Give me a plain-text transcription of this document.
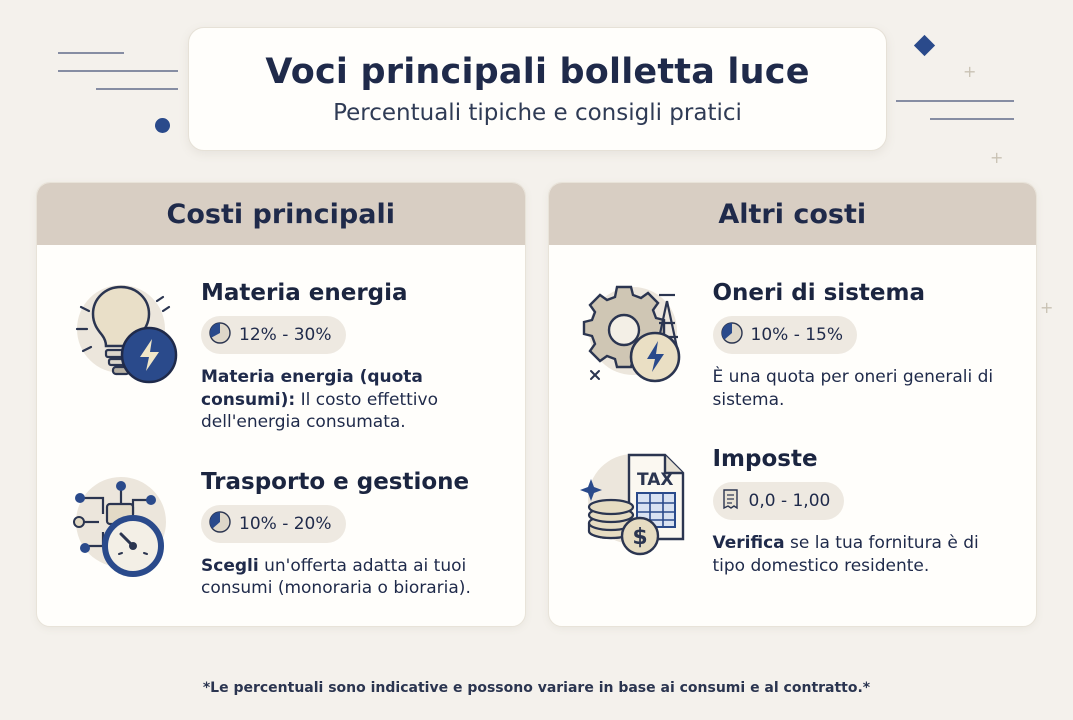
+
+
+
Voci principali bolletta luce

Percentuali tipiche e consigli pratici

Costi principali
Materia energia
12% - 30%

Materia energia (quota consumi): Il costo effettivo dell'energia consumata.

Trasporto e gestione
10% - 20%

Scegli un'offerta adatta ai tuoi consumi (monoraria o bioraria).

Altri costi
Oneri di sistema
10% - 15%

È una quota per oneri generali di sistema.

TAX
$
Imposte
0,0 - 1,00

Verifica se la tua fornitura è di tipo domestico residente.

*Le percentuali sono indicative e possono variare in base ai consumi e al contratto.*
